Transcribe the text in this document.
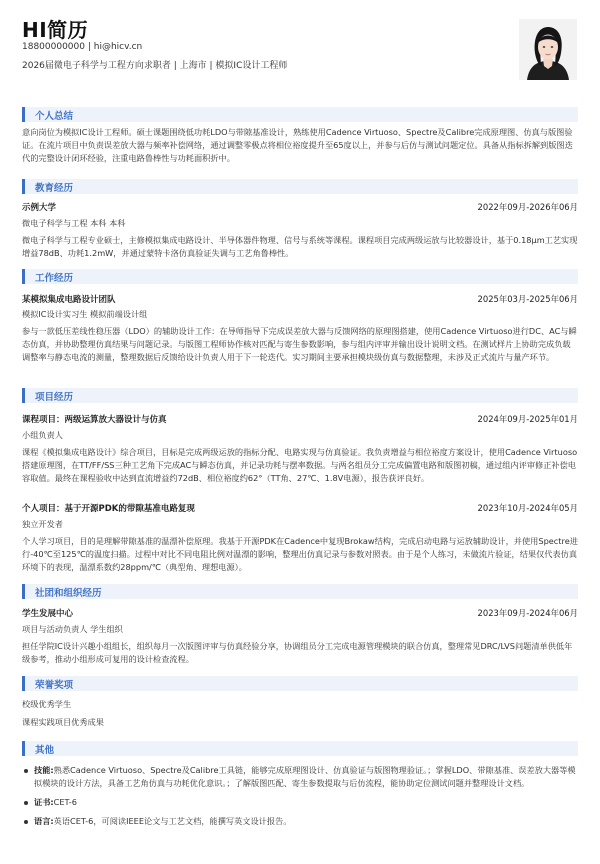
HI简历
18800000000 | hi@hicv.cn
2026届微电子科学与工程方向求职者 | 上海市 | 模拟IC设计工程师
个人总结
意向岗位为模拟IC设计工程师。硕士课题围绕低功耗LDO与带隙基准设计，熟练使用Cadence Virtuoso、Spectre及Calibre完成原理图、仿真与版图验证。在流片项目中负责误差放大器与频率补偿网络，通过调整零极点将相位裕度提升至65度以上，并参与后仿与测试问题定位。具备从指标拆解到版图迭代的完整设计闭环经验，注重电路鲁棒性与功耗面积折中。
教育经历
示例大学	2022年09月-2026年06月
微电子科学与工程 本科 本科
微电子科学与工程专业硕士，主修模拟集成电路设计、半导体器件物理、信号与系统等课程。课程项目完成两级运放与比较器设计，基于0.18μm工艺实现增益78dB、功耗1.2mW，并通过蒙特卡洛仿真验证失调与工艺角鲁棒性。
工作经历
某模拟集成电路设计团队	2025年03月-2025年06月
模拟IC设计实习生 模拟前端设计组
参与一款低压差线性稳压器（LDO）的辅助设计工作：在导师指导下完成误差放大器与反馈网络的原理图搭建，使用Cadence Virtuoso进行DC、AC与瞬态仿真，并协助整理仿真结果与问题记录。与版图工程师协作核对匹配与寄生参数影响，参与组内评审并输出设计说明文档。在测试样片上协助完成负载调整率与静态电流的测量，整理数据后反馈给设计负责人用于下一轮迭代。实习期间主要承担模块级仿真与数据整理，未涉及正式流片与量产环节。
项目经历
课程项目：两级运算放大器设计与仿真	2024年09月-2025年01月
小组负责人
课程《模拟集成电路设计》综合项目，目标是完成两级运放的指标分配、电路实现与仿真验证。我负责增益与相位裕度方案设计，使用Cadence Virtuoso搭建原理图，在TT/FF/SS三种工艺角下完成AC与瞬态仿真，并记录功耗与摆率数据。与两名组员分工完成偏置电路和版图初稿，通过组内评审修正补偿电容取值。最终在课程验收中达到直流增益约72dB、相位裕度约62°（TT角、27℃、1.8V电源），报告获评良好。
个人项目：基于开源PDK的带隙基准电路复现	2023年10月-2024年05月
独立开发者
个人学习项目，目的是理解带隙基准的温漂补偿原理。我基于开源PDK在Cadence中复现Brokaw结构，完成启动电路与运放辅助设计，并使用Spectre进行-40℃至125℃的温度扫描。过程中对比不同电阻比例对温漂的影响，整理出仿真记录与参数对照表。由于是个人练习，未做流片验证，结果仅代表仿真环境下的表现，温漂系数约28ppm/℃（典型角、理想电源）。
社团和组织经历
学生发展中心	2023年09月-2024年06月
项目与活动负责人 学生组织
担任学院IC设计兴趣小组组长，组织每月一次版图评审与仿真经验分享，协调组员分工完成电源管理模块的联合仿真，整理常见DRC/LVS问题清单供低年级参考，推动小组形成可复用的设计检查流程。
荣誉奖项
校级优秀学生
课程实践项目优秀成果
其他
技能:熟悉Cadence Virtuoso、Spectre及Calibre工具链，能够完成原理图设计、仿真验证与版图物理验证。；掌握LDO、带隙基准、误差放大器等模拟模块的设计方法，具备工艺角仿真与功耗优化意识。；了解版图匹配、寄生参数提取与后仿流程，能协助定位测试问题并整理设计文档。
证书:CET-6
语言:英语CET-6，可阅读IEEE论文与工艺文档，能撰写英文设计报告。
